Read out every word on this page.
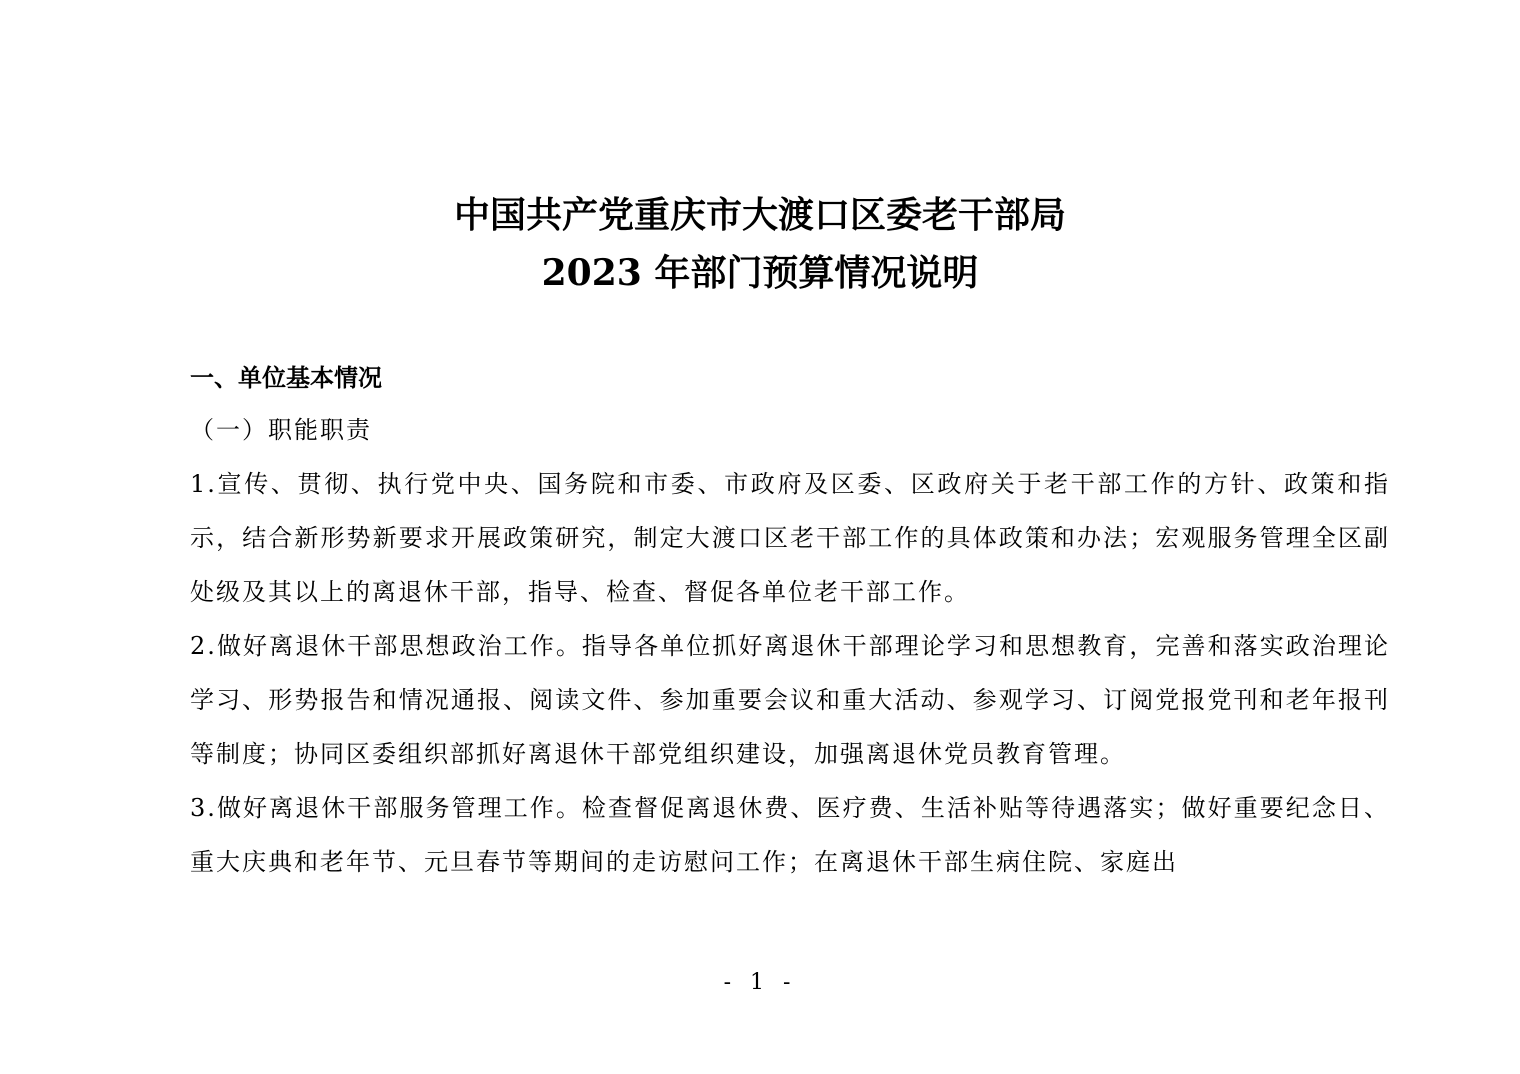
中国共产党重庆市大渡口区委老干部局
2023 年部门预算情况说明

一、单位基本情况

（一）职能职责

1.宣传、贯彻、执行党中央、国务院和市委、市政府及区委、区政府关于老干部工作的方针、政策和指示，结合新形势新要求开展政策研究，制定大渡口区老干部工作的具体政策和办法；宏观服务管理全区副处级及其以上的离退休干部，指导、检查、督促各单位老干部工作。

2.做好离退休干部思想政治工作。指导各单位抓好离退休干部理论学习和思想教育，完善和落实政治理论学习、形势报告和情况通报、阅读文件、参加重要会议和重大活动、参观学习、订阅党报党刊和老年报刊等制度；协同区委组织部抓好离退休干部党组织建设，加强离退休党员教育管理。

3.做好离退休干部服务管理工作。检查督促离退休费、医疗费、生活补贴等待遇落实；做好重要纪念日、重大庆典和老年节、元旦春节等期间的走访慰问工作；在离退休干部生病住院、家庭出

- 1 -
